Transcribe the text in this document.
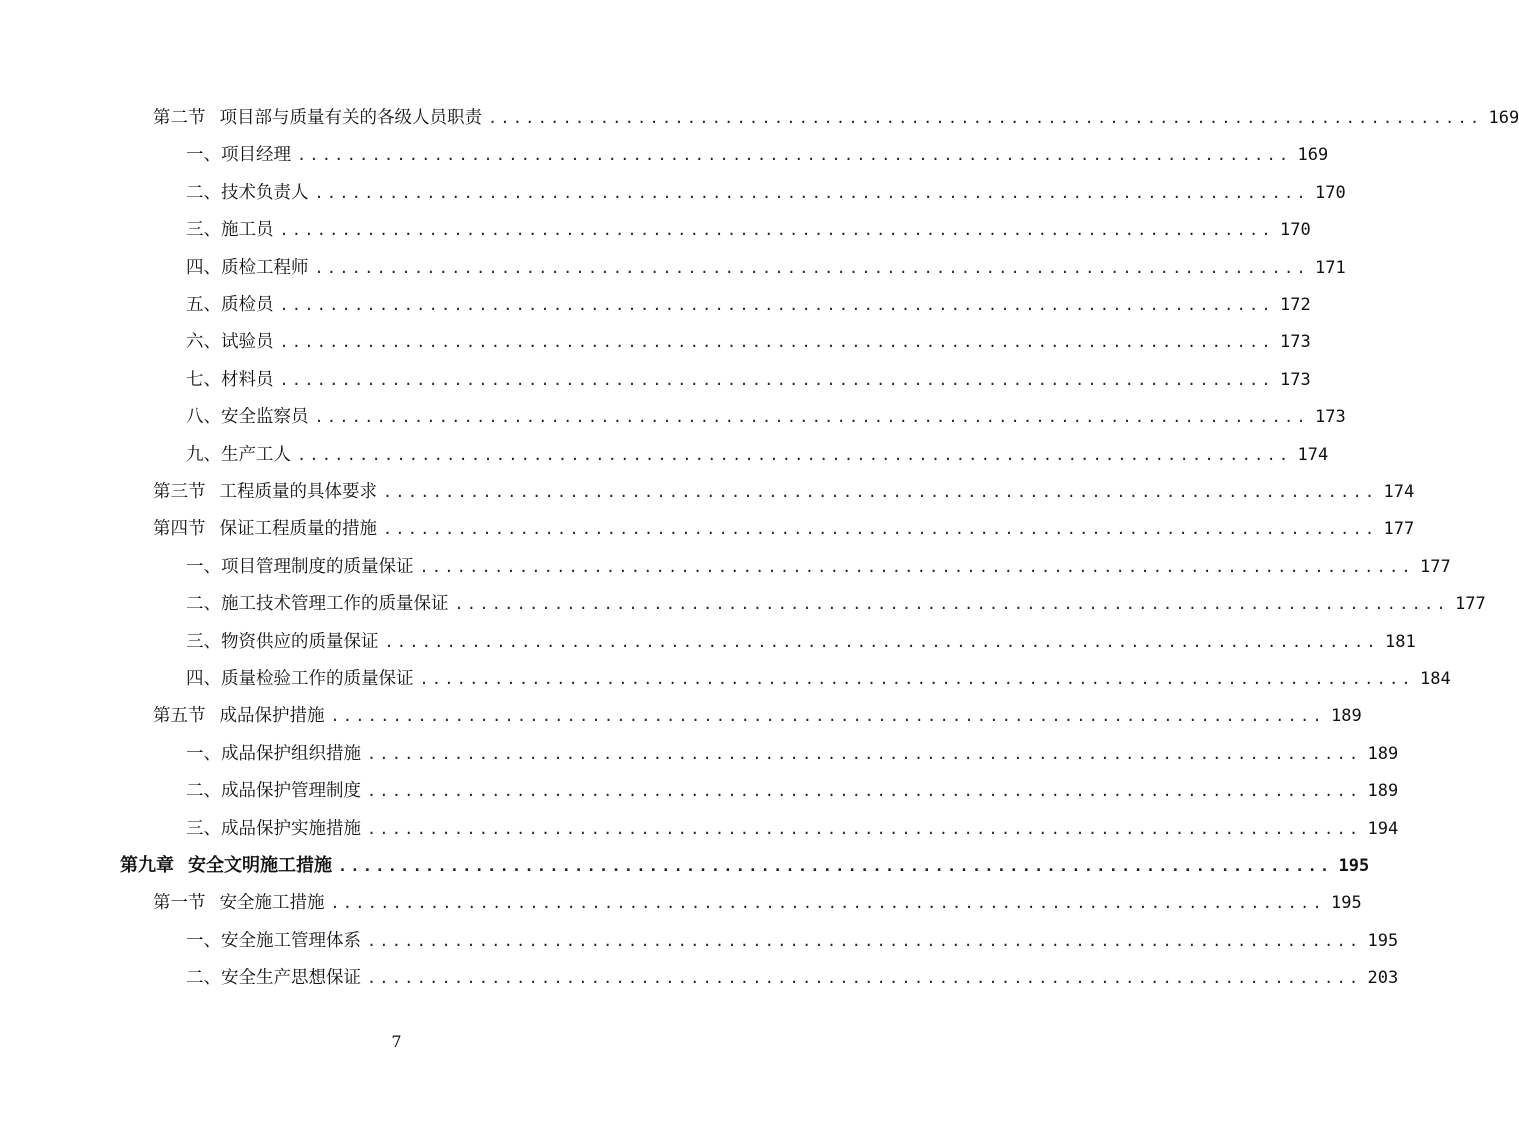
第二节 项目部与质量有关的各级人员职责 ................................................................................ 169
一、项目经理 ................................................................................ 169
二、技术负责人 ................................................................................ 170
三、施工员 ................................................................................ 170
四、质检工程师 ................................................................................ 171
五、质检员 ................................................................................ 172
六、试验员 ................................................................................ 173
七、材料员 ................................................................................ 173
八、安全监察员 ................................................................................ 173
九、生产工人 ................................................................................ 174
第三节 工程质量的具体要求 ................................................................................ 174
第四节 保证工程质量的措施 ................................................................................ 177
一、项目管理制度的质量保证 ................................................................................ 177
二、施工技术管理工作的质量保证 ................................................................................ 177
三、物资供应的质量保证 ................................................................................ 181
四、质量检验工作的质量保证 ................................................................................ 184
第五节 成品保护措施 ................................................................................ 189
一、成品保护组织措施 ................................................................................ 189
二、成品保护管理制度 ................................................................................ 189
三、成品保护实施措施 ................................................................................ 194
第九章 安全文明施工措施 ................................................................................ 195
第一节 安全施工措施 ................................................................................ 195
一、安全施工管理体系 ................................................................................ 195
二、安全生产思想保证 ................................................................................ 203
7
